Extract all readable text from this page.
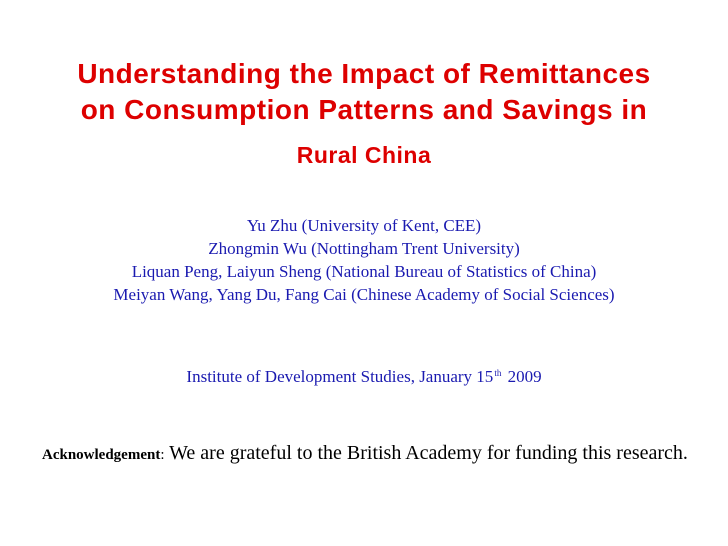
Understanding the Impact of Remittances
on Consumption Patterns and Savings in
Rural China
Yu Zhu (University of Kent, CEE)
Zhongmin Wu (Nottingham Trent University)
Liquan Peng, Laiyun Sheng (National Bureau of Statistics of China)
Meiyan Wang, Yang Du, Fang Cai (Chinese Academy of Social Sciences)
Institute of Development Studies, January 15th 2009
Acknowledgement: We are grateful to the British Academy for funding this research.
